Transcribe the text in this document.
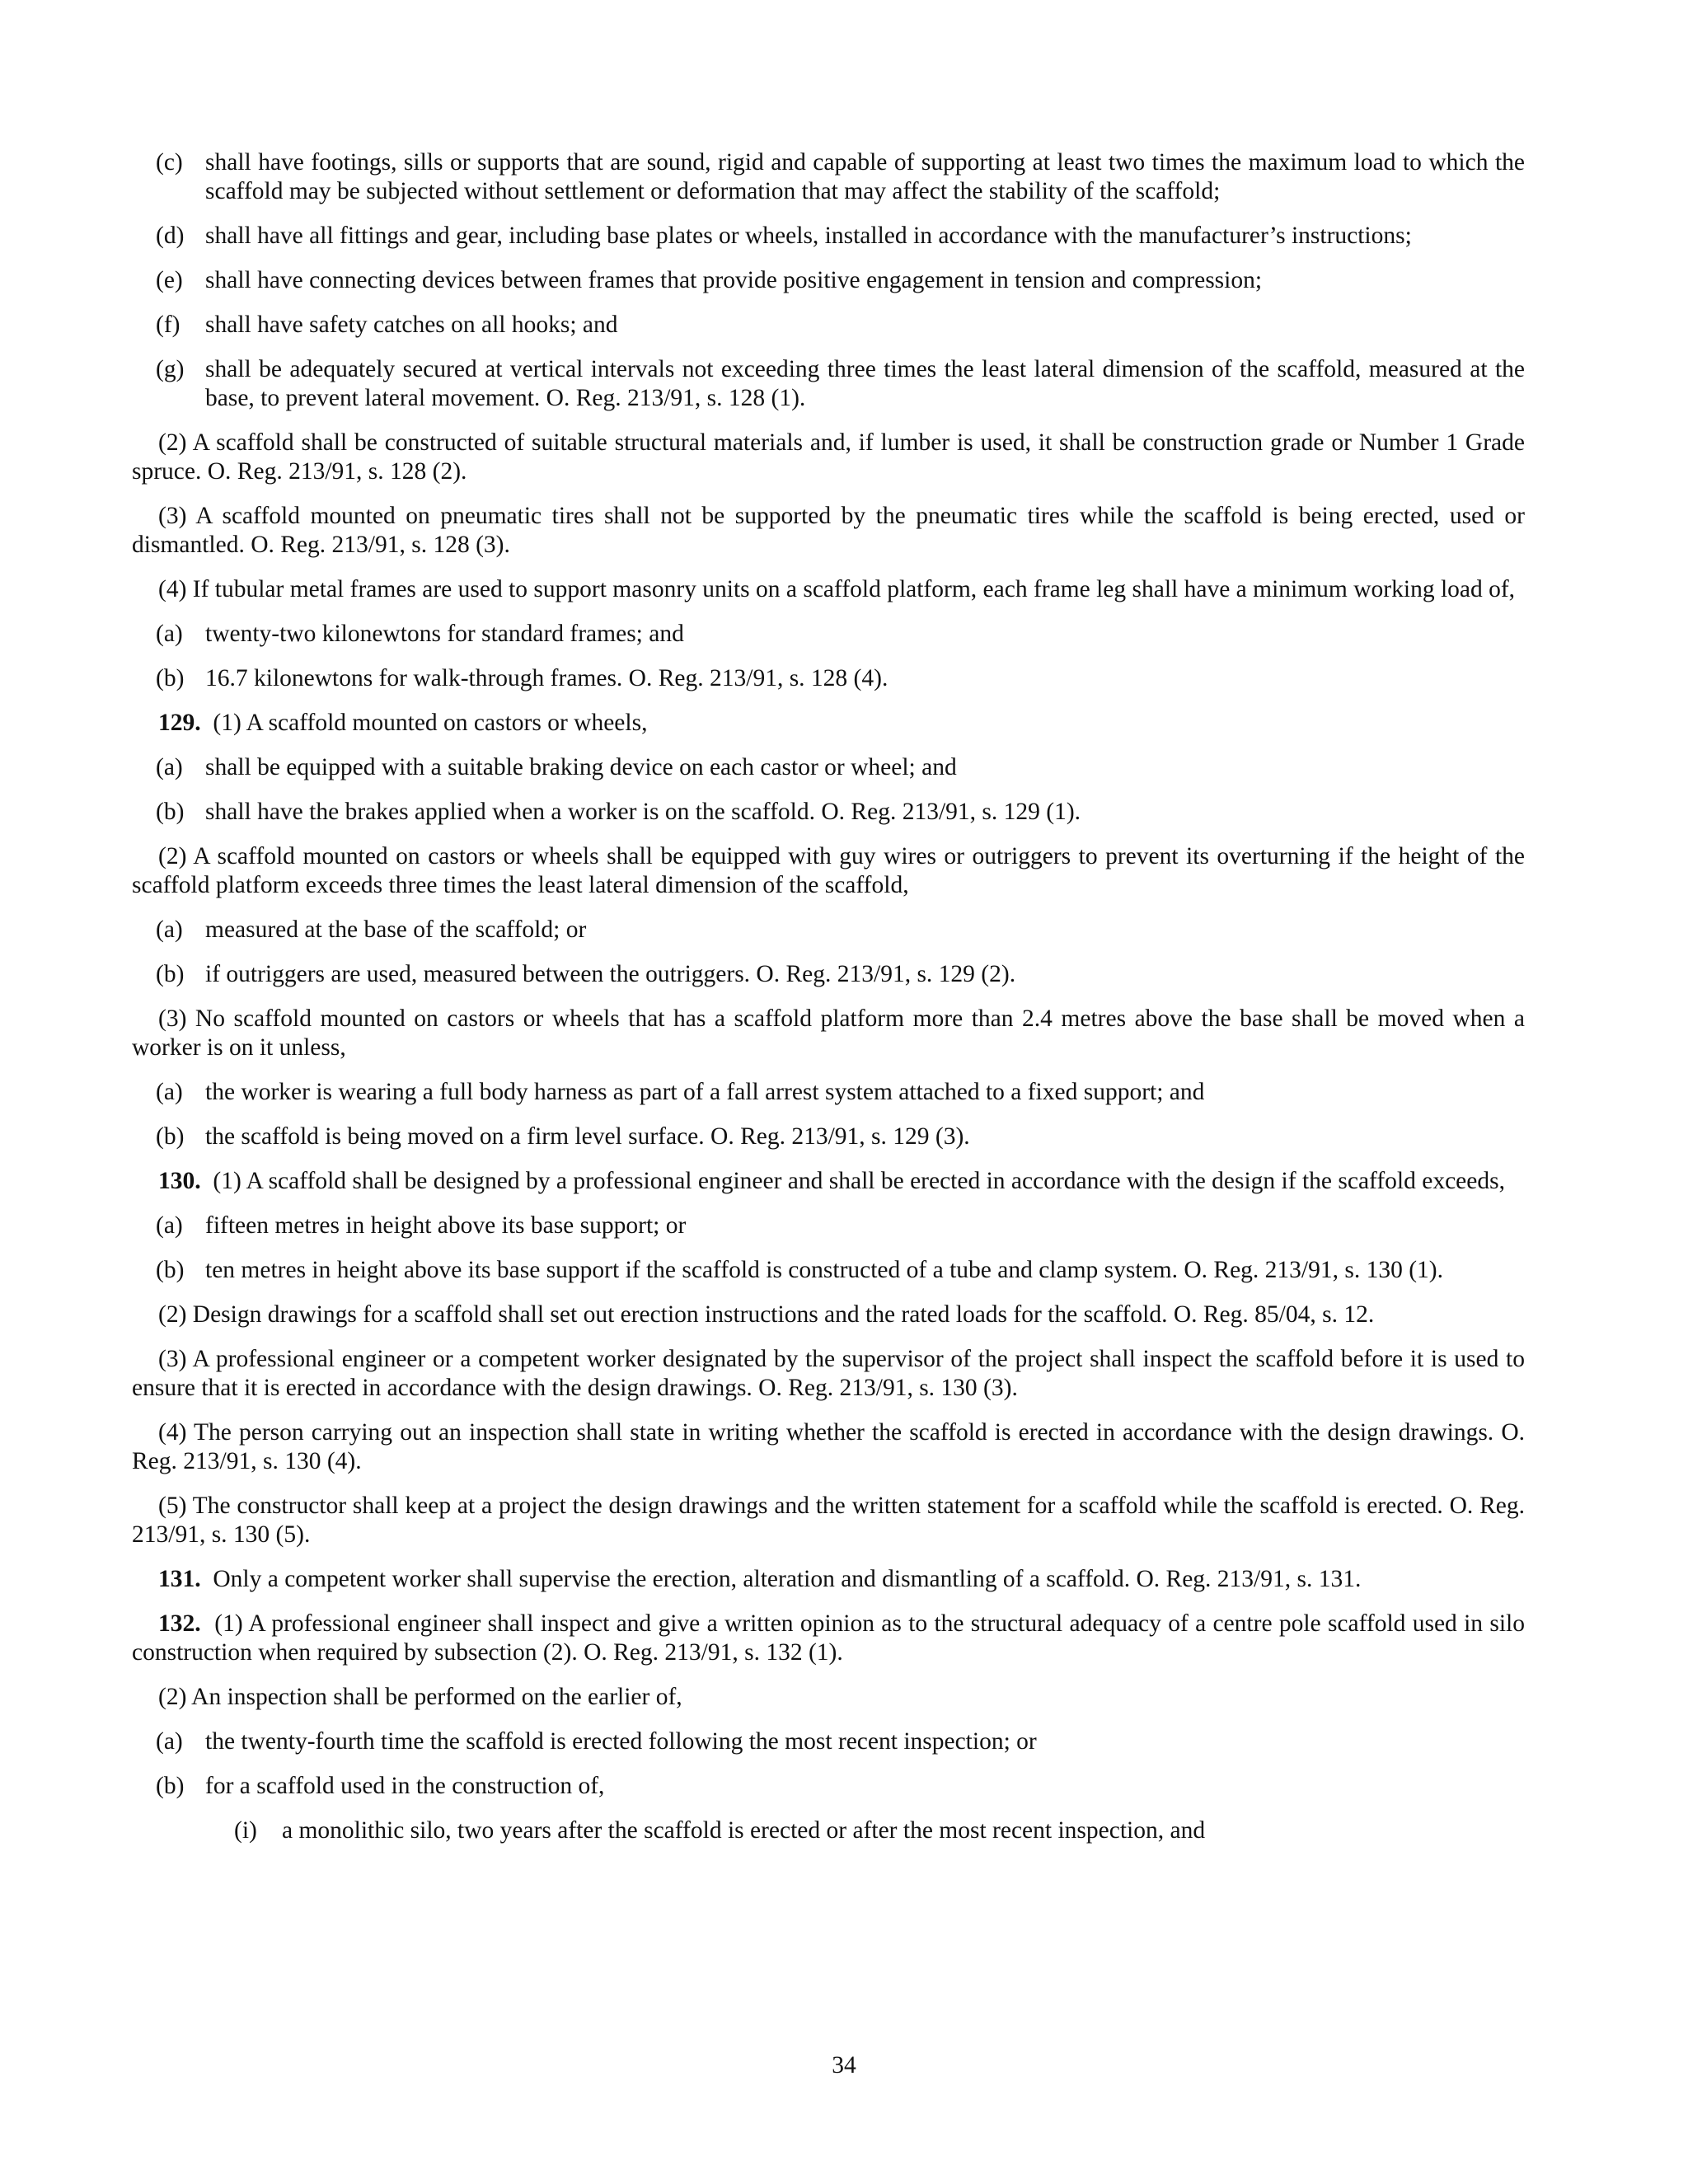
(c) shall have footings, sills or supports that are sound, rigid and capable of supporting at least two times the maximum load to which the scaffold may be subjected without settlement or deformation that may affect the stability of the scaffold;
(d) shall have all fittings and gear, including base plates or wheels, installed in accordance with the manufacturer’s instructions;
(e) shall have connecting devices between frames that provide positive engagement in tension and compression;
(f) shall have safety catches on all hooks; and
(g) shall be adequately secured at vertical intervals not exceeding three times the least lateral dimension of the scaffold, measured at the base, to prevent lateral movement. O. Reg. 213/91, s. 128 (1).
(2) A scaffold shall be constructed of suitable structural materials and, if lumber is used, it shall be construction grade or Number 1 Grade spruce. O. Reg. 213/91, s. 128 (2).
(3) A scaffold mounted on pneumatic tires shall not be supported by the pneumatic tires while the scaffold is being erected, used or dismantled. O. Reg. 213/91, s. 128 (3).
(4) If tubular metal frames are used to support masonry units on a scaffold platform, each frame leg shall have a minimum working load of,
(a) twenty-two kilonewtons for standard frames; and
(b) 16.7 kilonewtons for walk-through frames. O. Reg. 213/91, s. 128 (4).
129. (1) A scaffold mounted on castors or wheels,
(a) shall be equipped with a suitable braking device on each castor or wheel; and
(b) shall have the brakes applied when a worker is on the scaffold. O. Reg. 213/91, s. 129 (1).
(2) A scaffold mounted on castors or wheels shall be equipped with guy wires or outriggers to prevent its overturning if the height of the scaffold platform exceeds three times the least lateral dimension of the scaffold,
(a) measured at the base of the scaffold; or
(b) if outriggers are used, measured between the outriggers. O. Reg. 213/91, s. 129 (2).
(3) No scaffold mounted on castors or wheels that has a scaffold platform more than 2.4 metres above the base shall be moved when a worker is on it unless,
(a) the worker is wearing a full body harness as part of a fall arrest system attached to a fixed support; and
(b) the scaffold is being moved on a firm level surface. O. Reg. 213/91, s. 129 (3).
130. (1) A scaffold shall be designed by a professional engineer and shall be erected in accordance with the design if the scaffold exceeds,
(a) fifteen metres in height above its base support; or
(b) ten metres in height above its base support if the scaffold is constructed of a tube and clamp system. O. Reg. 213/91, s. 130 (1).
(2) Design drawings for a scaffold shall set out erection instructions and the rated loads for the scaffold. O. Reg. 85/04, s. 12.
(3) A professional engineer or a competent worker designated by the supervisor of the project shall inspect the scaffold before it is used to ensure that it is erected in accordance with the design drawings. O. Reg. 213/91, s. 130 (3).
(4) The person carrying out an inspection shall state in writing whether the scaffold is erected in accordance with the design drawings. O. Reg. 213/91, s. 130 (4).
(5) The constructor shall keep at a project the design drawings and the written statement for a scaffold while the scaffold is erected. O. Reg. 213/91, s. 130 (5).
131. Only a competent worker shall supervise the erection, alteration and dismantling of a scaffold. O. Reg. 213/91, s. 131.
132. (1) A professional engineer shall inspect and give a written opinion as to the structural adequacy of a centre pole scaffold used in silo construction when required by subsection (2). O. Reg. 213/91, s. 132 (1).
(2) An inspection shall be performed on the earlier of,
(a) the twenty-fourth time the scaffold is erected following the most recent inspection; or
(b) for a scaffold used in the construction of,
(i) a monolithic silo, two years after the scaffold is erected or after the most recent inspection, and
34
